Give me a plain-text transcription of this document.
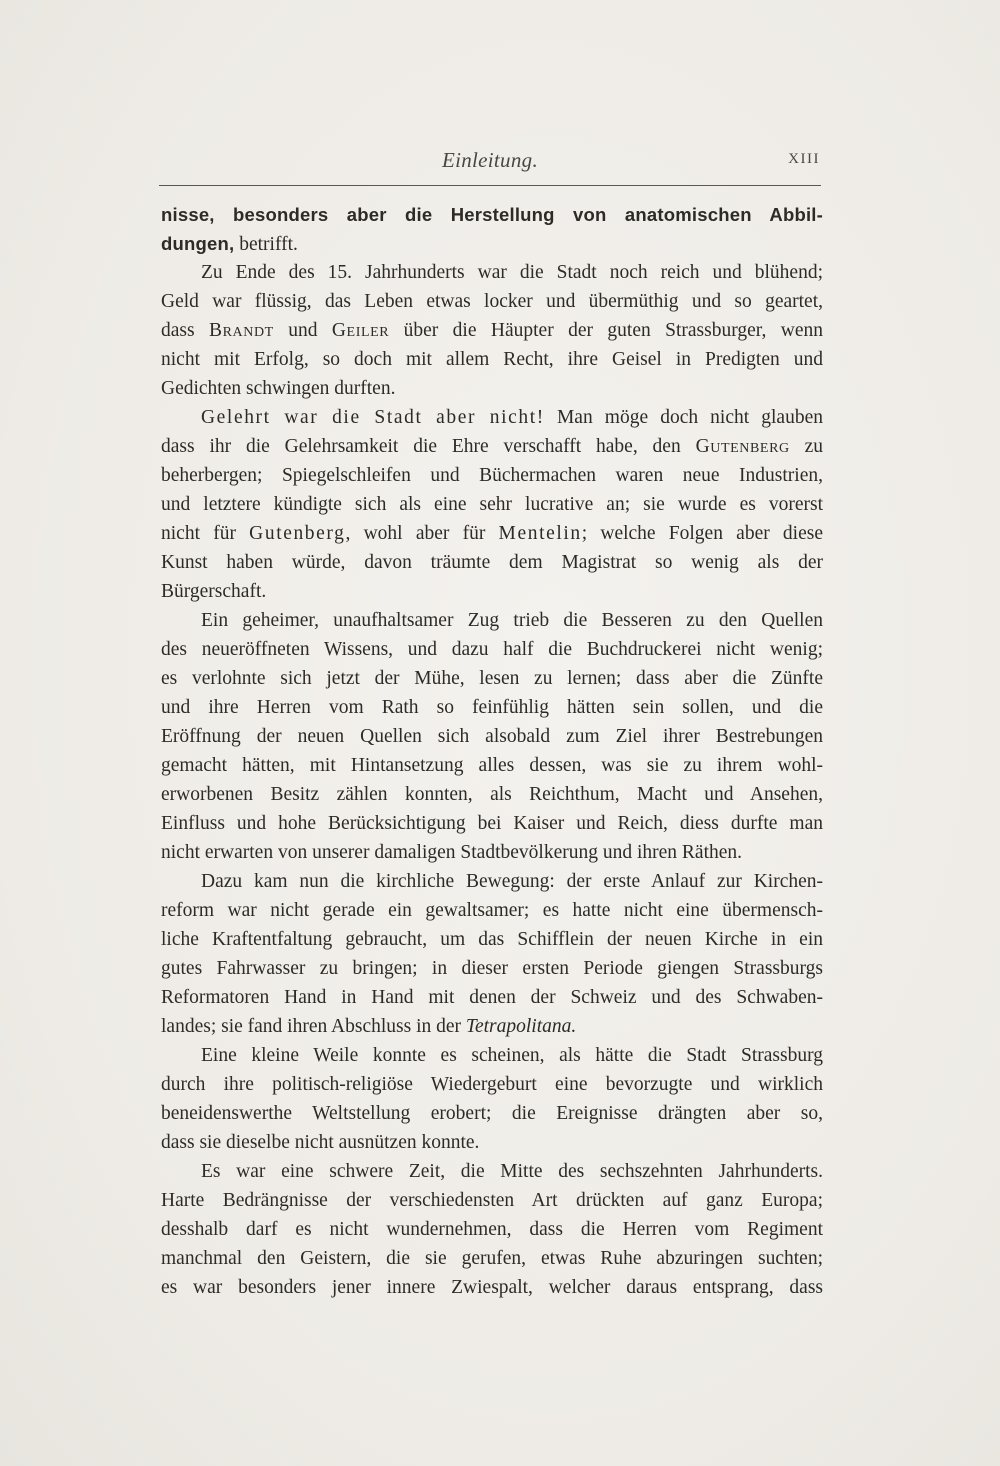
Einleitung.	XIII
nisse, besonders aber die Herstellung von anatomischen Abbil-
dungen, betrifft.
Zu Ende des 15. Jahrhunderts war die Stadt noch reich und blühend;
Geld war flüssig, das Leben etwas locker und übermüthig und so geartet,
dass Brandt und Geiler über die Häupter der guten Strassburger, wenn
nicht mit Erfolg, so doch mit allem Recht, ihre Geisel in Predigten und
Gedichten schwingen durften.
Gelehrt war die Stadt aber nicht! Man möge doch nicht glauben
dass ihr die Gelehrsamkeit die Ehre verschafft habe, den Gutenberg zu
beherbergen; Spiegelschleifen und Büchermachen waren neue Industrien,
und letztere kündigte sich als eine sehr lucrative an; sie wurde es vorerst
nicht für Gutenberg, wohl aber für Mentelin; welche Folgen aber diese
Kunst haben würde, davon träumte dem Magistrat so wenig als der
Bürgerschaft.
Ein geheimer, unaufhaltsamer Zug trieb die Besseren zu den Quellen
des neueröffneten Wissens, und dazu half die Buchdruckerei nicht wenig;
es verlohnte sich jetzt der Mühe, lesen zu lernen; dass aber die Zünfte
und ihre Herren vom Rath so feinfühlig hätten sein sollen, und die
Eröffnung der neuen Quellen sich alsobald zum Ziel ihrer Bestrebungen
gemacht hätten, mit Hintansetzung alles dessen, was sie zu ihrem wohl-
erworbenen Besitz zählen konnten, als Reichthum, Macht und Ansehen,
Einfluss und hohe Berücksichtigung bei Kaiser und Reich, diess durfte man
nicht erwarten von unserer damaligen Stadtbevölkerung und ihren Räthen.
Dazu kam nun die kirchliche Bewegung: der erste Anlauf zur Kirchen-
reform war nicht gerade ein gewaltsamer; es hatte nicht eine übermensch-
liche Kraftentfaltung gebraucht, um das Schifflein der neuen Kirche in ein
gutes Fahrwasser zu bringen; in dieser ersten Periode giengen Strassburgs
Reformatoren Hand in Hand mit denen der Schweiz und des Schwaben-
landes; sie fand ihren Abschluss in der Tetrapolitana.
Eine kleine Weile konnte es scheinen, als hätte die Stadt Strassburg
durch ihre politisch-religiöse Wiedergeburt eine bevorzugte und wirklich
beneidenswerthe Weltstellung erobert; die Ereignisse drängten aber so,
dass sie dieselbe nicht ausnützen konnte.
Es war eine schwere Zeit, die Mitte des sechszehnten Jahrhunderts.
Harte Bedrängnisse der verschiedensten Art drückten auf ganz Europa;
desshalb darf es nicht wundernehmen, dass die Herren vom Regiment
manchmal den Geistern, die sie gerufen, etwas Ruhe abzuringen suchten;
es war besonders jener innere Zwiespalt, welcher daraus entsprang, dass
